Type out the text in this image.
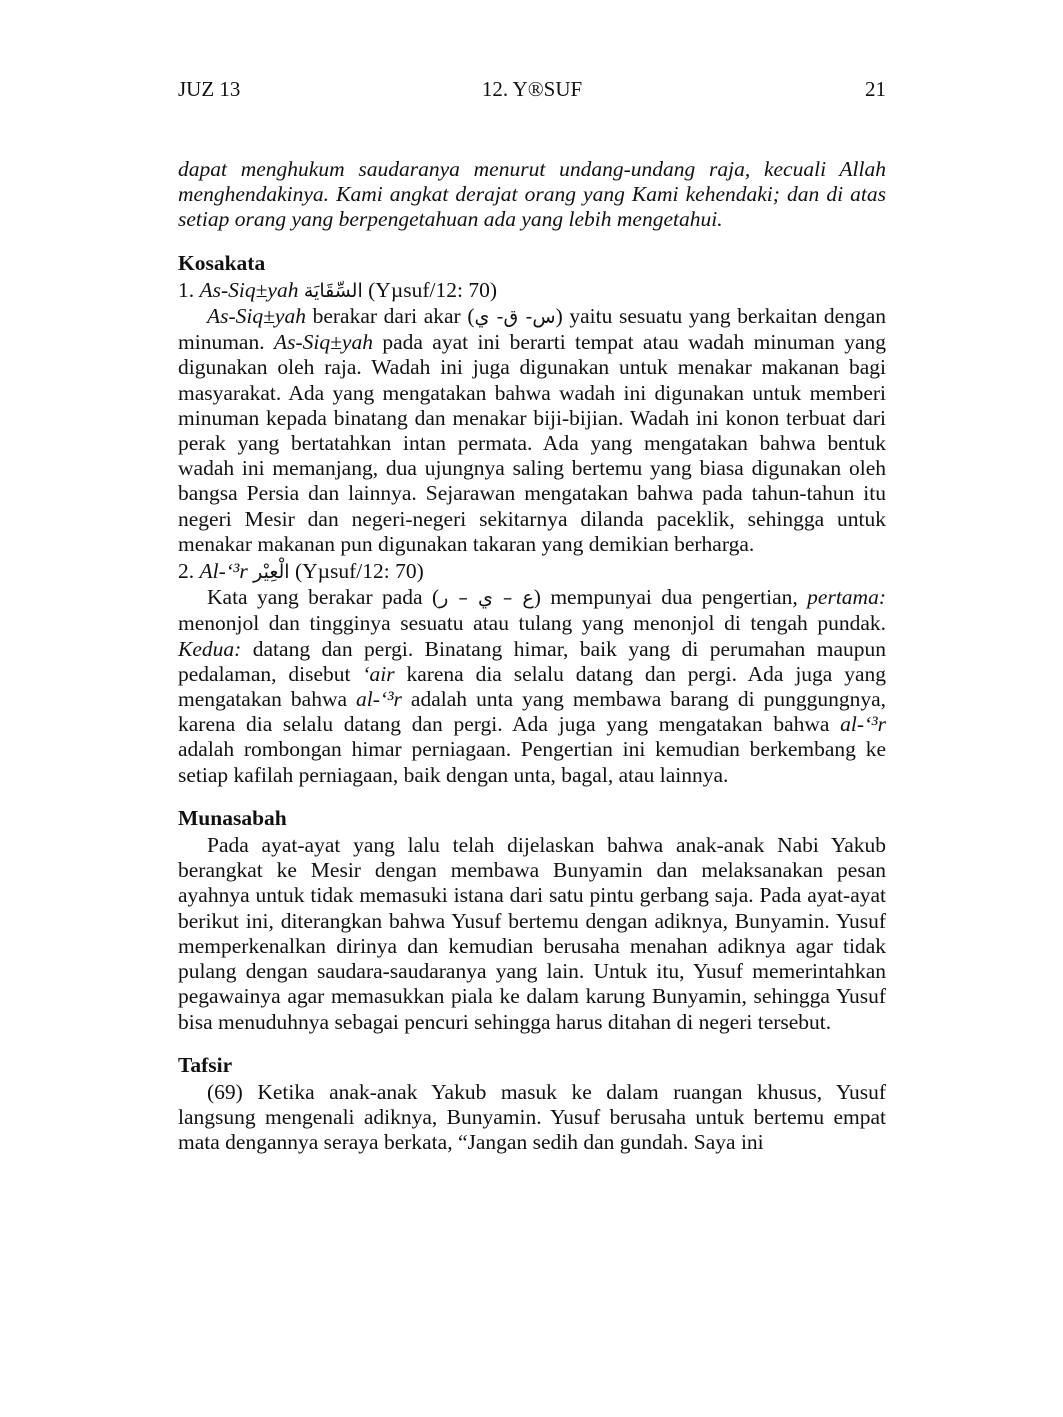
JUZ 13	12. Y®SUF	21

dapat menghukum saudaranya menurut undang-undang raja, kecuali Allah menghendakinya. Kami angkat derajat orang yang Kami kehendaki; dan di atas setiap orang yang berpengetahuan ada yang lebih mengetahui.

Kosakata

1. As-Siq±yah السِّقَايَة (Yµsuf/12: 70)

As-Siq±yah berakar dari akar (س- ق- ي) yaitu sesuatu yang berkaitan dengan minuman. As-Siq±yah pada ayat ini berarti tempat atau wadah minuman yang digunakan oleh raja. Wadah ini juga digunakan untuk menakar makanan bagi masyarakat. Ada yang mengatakan bahwa wadah ini digunakan untuk memberi minuman kepada binatang dan menakar biji-bijian. Wadah ini konon terbuat dari perak yang bertatahkan intan permata. Ada yang mengatakan bahwa bentuk wadah ini memanjang, dua ujungnya saling bertemu yang biasa digunakan oleh bangsa Persia dan lainnya. Sejarawan mengatakan bahwa pada tahun-tahun itu negeri Mesir dan negeri-negeri sekitarnya dilanda paceklik, sehingga untuk menakar makanan pun digunakan takaran yang demikian berharga.

2. Al-‘³r الْعِيْر (Yµsuf/12: 70)

Kata yang berakar pada (ع – ي – ر) mempunyai dua pengertian, pertama: menonjol dan tingginya sesuatu atau tulang yang menonjol di tengah pundak. Kedua: datang dan pergi. Binatang himar, baik yang di perumahan maupun pedalaman, disebut ‘air karena dia selalu datang dan pergi. Ada juga yang mengatakan bahwa al-‘³r adalah unta yang membawa barang di punggungnya, karena dia selalu datang dan pergi. Ada juga yang mengatakan bahwa al-‘³r adalah rombongan himar perniagaan. Pengertian ini kemudian berkembang ke setiap kafilah perniagaan, baik dengan unta, bagal, atau lainnya.

Munasabah

Pada ayat-ayat yang lalu telah dijelaskan bahwa anak-anak Nabi Yakub berangkat ke Mesir dengan membawa Bunyamin dan melaksanakan pesan ayahnya untuk tidak memasuki istana dari satu pintu gerbang saja. Pada ayat-ayat berikut ini, diterangkan bahwa Yusuf bertemu dengan adiknya, Bunyamin. Yusuf memperkenalkan dirinya dan kemudian berusaha menahan adiknya agar tidak pulang dengan saudara-saudaranya yang lain. Untuk itu, Yusuf memerintahkan pegawainya agar memasukkan piala ke dalam karung Bunyamin, sehingga Yusuf bisa menuduhnya sebagai pencuri sehingga harus ditahan di negeri tersebut.

Tafsir

(69) Ketika anak-anak Yakub masuk ke dalam ruangan khusus, Yusuf langsung mengenali adiknya, Bunyamin. Yusuf berusaha untuk bertemu empat mata dengannya seraya berkata, “Jangan sedih dan gundah. Saya ini
